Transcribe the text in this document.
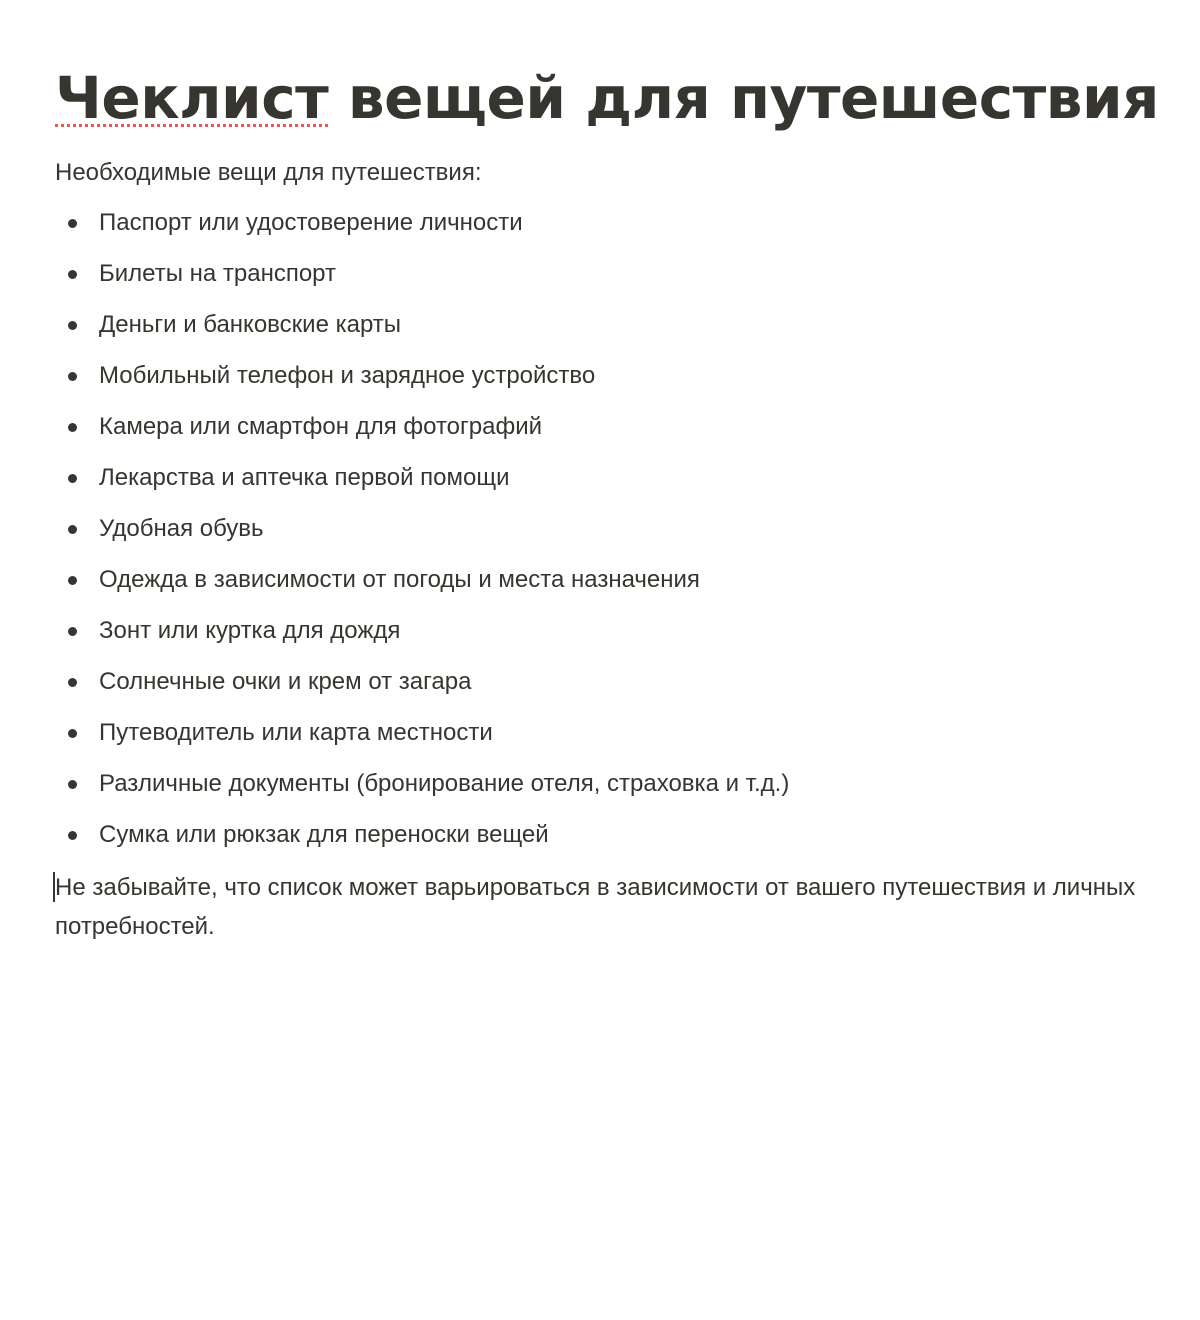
Чеклист вещей для путешествия

Необходимые вещи для путешествия:

Паспорт или удостоверение личности
Билеты на транспорт
Деньги и банковские карты
Мобильный телефон и зарядное устройство
Камера или смартфон для фотографий
Лекарства и аптечка первой помощи
Удобная обувь
Одежда в зависимости от погоды и места назначения
Зонт или куртка для дождя
Солнечные очки и крем от загара
Путеводитель или карта местности
Различные документы (бронирование отеля, страховка и т.д.)
Сумка или рюкзак для переноски вещей

Не забывайте, что список может варьироваться в зависимости от вашего путешествия и личных потребностей.
